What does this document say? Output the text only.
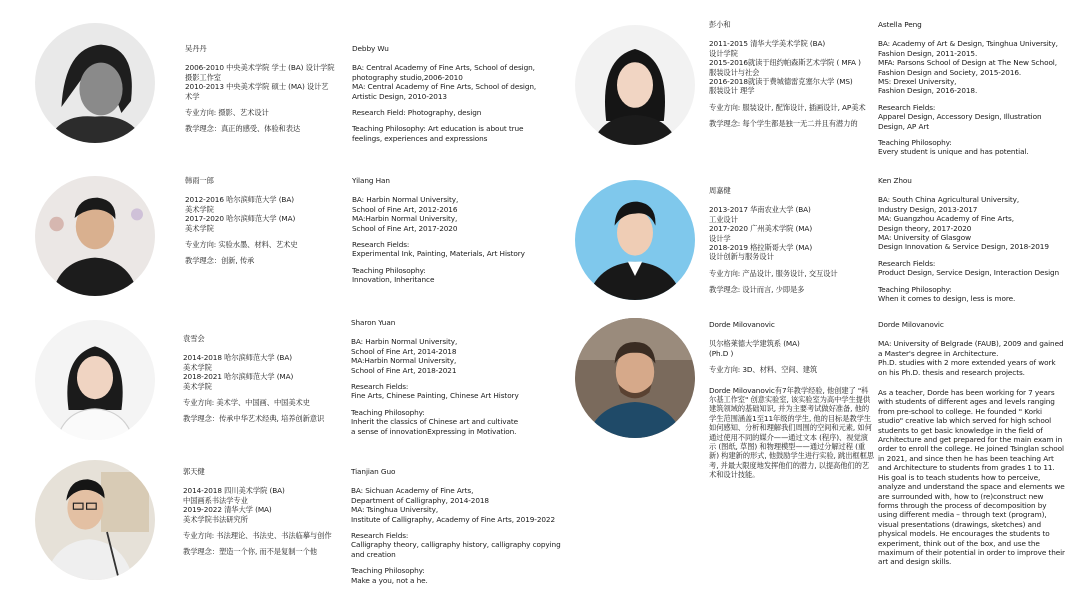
吴丹丹
2006-2010 中央美术学院 学士 (BA) 设计学院摄影工作室
2010-2013 中央美术学院 硕士 (MA) 设计艺术学
专业方向: 摄影、艺术设计
教学理念：真正的感受、体验和表达
Debby Wu
BA: Central Academy of Fine Arts, School of design, photography studio,2006-2010
MA: Central Academy of Fine Arts, School of design, Artistic Design, 2010-2013
Research Field: Photography, design
Teaching Philosophy: Art education is about true feelings, experiences and expressions
韩雨一郎
2012-2016 哈尔滨师范大学 (BA)
美术学院
2017-2020 哈尔滨师范大学 (MA)
美术学院
专业方向: 实验水墨、材料、艺术史
教学理念：创新, 传承
Yilang Han
BA: Harbin Normal University,
School of Fine Art, 2012-2016
MA:Harbin Normal University,
School of Fine Art, 2017-2020
Research Fields:
Experimental Ink, Painting, Materials, Art History
Teaching Philosophy:
Innovation, Inheritance
袁雪会
2014-2018 哈尔滨师范大学 (BA)
美术学院
2018-2021 哈尔滨师范大学 (MA)
美术学院
专业方向: 美术学、中国画、中国美术史
教学理念：传承中华艺术经典, 培养创新意识
Sharon Yuan
BA: Harbin Normal University,
School of Fine Art, 2014-2018
MA:Harbin Normal University,
School of Fine Art, 2018-2021
Research Fields:
Fine Arts, Chinese Painting, Chinese Art History
Teaching Philosophy:
Inherit the classics of Chinese art and cultivate
a sense of innovationExpressing in Motivation.
郭天健
2014-2018 四川美术学院 (BA)
中国画系书法学专业
2019-2022 清华大学 (MA)
美术学院书法研究所
专业方向: 书法理论、书法史、书法临摹与创作
教学理念：塑造一个你, 而不是复制一个他
Tianjian Guo
BA: Sichuan Academy of Fine Arts,
Department of Calligraphy, 2014-2018
MA: Tsinghua University,
Institute of Calligraphy, Academy of Fine Arts, 2019-2022
Research Fields:
Calligraphy theory, calligraphy history, calligraphy copying
and creation
Teaching Philosophy:
Make a you, not a he.
彭小和
2011-2015 清华大学美术学院 (BA)
设计学院
2015-2016就读于纽约帕森斯艺术学院 ( MFA )
服装设计与社会
2016-2018就读于费城德雷克塞尔大学 (MS)
服装设计 理学
专业方向: 服装设计, 配饰设计, 插画设计, AP美术
教学理念: 每个学生都是独一无二并且有潜力的
Astella Peng
BA: Academy of Art & Design, Tsinghua University, Fashion Design, 2011-2015.
MFA: Parsons School of Design at The New School, Fashion Design and Society, 2015-2016.
MS: Drexel University,
Fashion Design, 2016-2018.
Research Fields:
Apparel Design, Accessory Design, Illustration Design, AP Art
Teaching Philosophy:
Every student is unique and has potential.
周嘉健
2013-2017 华南农业大学 (BA)
工业设计
2017-2020 广州美术学院 (MA)
设计学
2018-2019 格拉斯哥大学 (MA)
设计创新与服务设计
专业方向: 产品设计, 服务设计, 交互设计
教学理念: 设计而言, 少即是多
Ken Zhou
BA: South China Agricultural University,
Industry Design, 2013-2017
MA: Guangzhou Academy of Fine Arts,
Design theory, 2017-2020
MA: University of Glasgow
Design Innovation & Service Design, 2018-2019
Research Fields:
Product Design, Service Design, Interaction Design
Teaching Philosophy:
When it comes to design, less is more.
Dorde Milovanovic
贝尔格莱德大学建筑系 (MA)
(Ph.D )
专业方向: 3D、材料、空间、建筑
Dorde Milovanovic有7年教学经验, 他创建了 "科尔基工作室" 创意实验室, 该实验室为高中学生提供建筑领域的基础知识, 并为主要考试做好准备, 他的学生范围涵盖1至11年级的学生, 他的目标是教学生如何感知、分析和理解我们周围的空间和元素, 如何通过使用不同的媒介——通过文本 (程序)、视觉演示 (图纸, 草图) 和物理模型——通过分解过程 (重新) 构建新的形式, 他鼓励学生进行实验, 跳出框框思考, 并最大限度地发挥他们的潜力, 以提高他们的艺术和设计技能。
Dorde Milovanovic
MA: University of Belgrade (FAUB), 2009 and gained a Master's degree in Architecture.
Ph.D. studies with 2 more extended years of work on his Ph.D. thesis and research projects.
As a teacher, Dorde has been working for 7 years with students of different ages and levels ranging from pre-school to college. He founded " Korki studio" creative lab which served for high school students to get basic knowledge in the field of Architecture and get prepared for the main exam in order to enroll the college. He joined Tsinglan school in 2021, and since then he has been teaching Art and Architecture to students from grades 1 to 11. His goal is to teach students how to perceive, analyze and understand the space and elements we are surrounded with, how to (re)construct new forms through the process of decomposition by using different media – through text (program), visual presentations (drawings, sketches) and physical models. He encourages the students to experiment, think out of the box, and use the maximum of their potential in order to improve their art and design skills.
